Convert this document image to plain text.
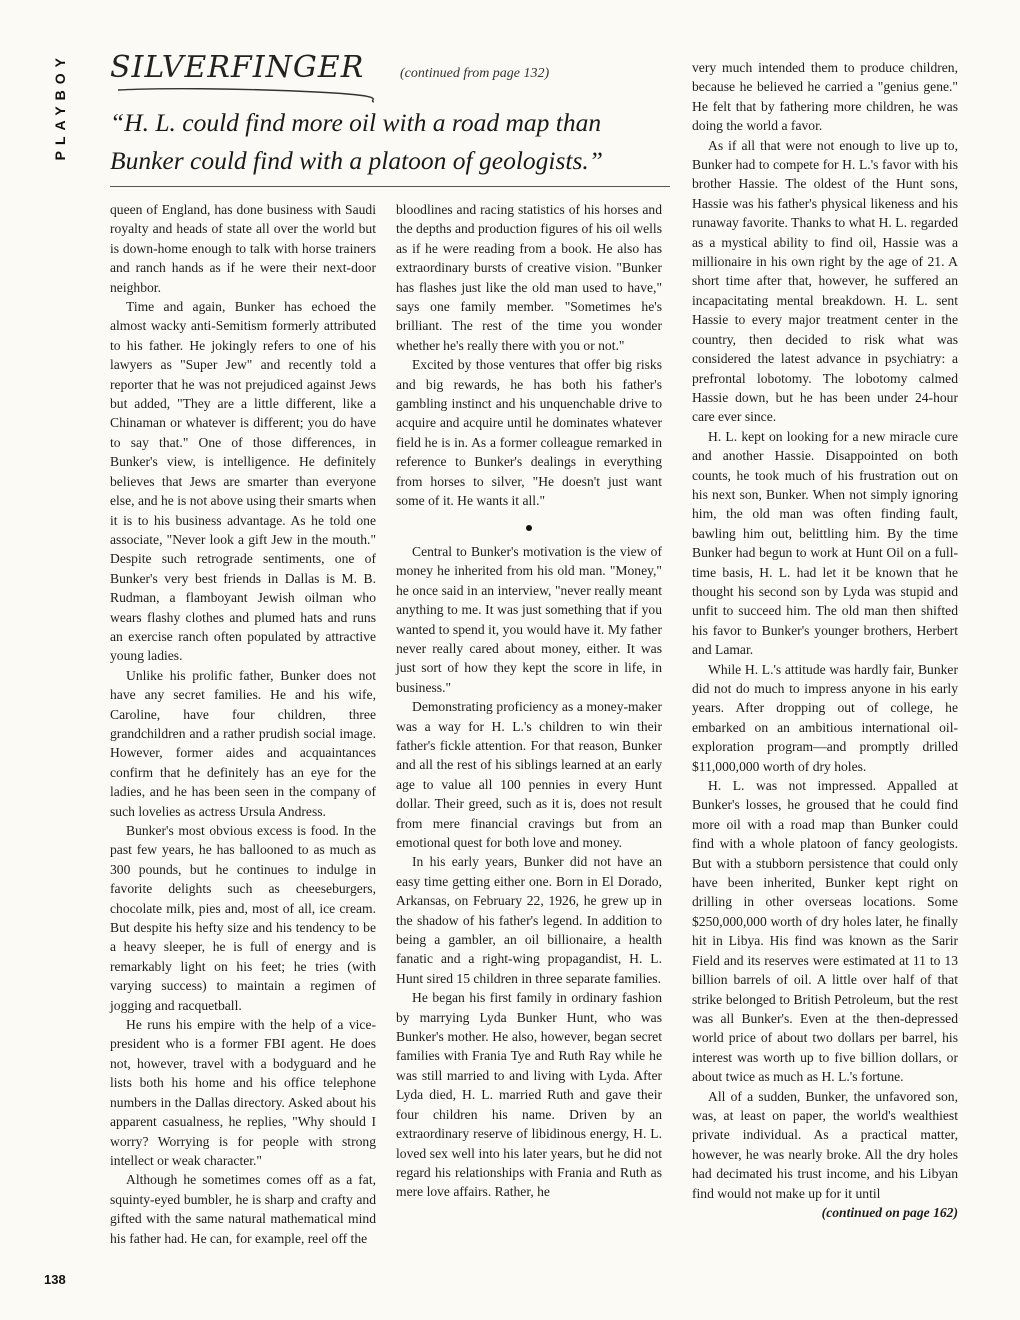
PLAYBOY SILVERFINGER	(continued from page 132)

“H. L. could find more oil with a road map than Bunker could find with a platoon of geologists.”

queen of England, has done business with Saudi royalty and heads of state all over the world but is down-home enough to talk with horse trainers and ranch hands as if he were their next-door neighbor.

Time and again, Bunker has echoed the almost wacky anti-Semitism formerly attributed to his father. He jokingly refers to one of his lawyers as "Super Jew" and recently told a reporter that he was not prejudiced against Jews but added, "They are a little different, like a Chinaman or whatever is different; you do have to say that." One of those differences, in Bunker's view, is intelligence. He definitely believes that Jews are smarter than everyone else, and he is not above using their smarts when it is to his business advantage. As he told one associate, "Never look a gift Jew in the mouth." Despite such retrograde sentiments, one of Bunker's very best friends in Dallas is M. B. Rudman, a flamboyant Jewish oilman who wears flashy clothes and plumed hats and runs an exercise ranch often populated by attractive young ladies.

Unlike his prolific father, Bunker does not have any secret families. He and his wife, Caroline, have four children, three grandchildren and a rather prudish social image. However, former aides and acquaintances confirm that he definitely has an eye for the ladies, and he has been seen in the company of such lovelies as actress Ursula Andress.

Bunker's most obvious excess is food. In the past few years, he has ballooned to as much as 300 pounds, but he continues to indulge in favorite delights such as cheeseburgers, chocolate milk, pies and, most of all, ice cream. But despite his hefty size and his tendency to be a heavy sleeper, he is full of energy and is remarkably light on his feet; he tries (with varying success) to maintain a regimen of jogging and racquetball.

He runs his empire with the help of a vice-president who is a former FBI agent. He does not, however, travel with a bodyguard and he lists both his home and his office telephone numbers in the Dallas directory. Asked about his apparent casualness, he replies, "Why should I worry? Worrying is for people with strong intellect or weak character."

Although he sometimes comes off as a fat, squinty-eyed bumbler, he is sharp and crafty and gifted with the same natural mathematical mind his father had. He can, for example, reel off the

bloodlines and racing statistics of his horses and the depths and production figures of his oil wells as if he were reading from a book. He also has extraordinary bursts of creative vision. "Bunker has flashes just like the old man used to have," says one family member. "Sometimes he's brilliant. The rest of the time you wonder whether he's really there with you or not."

Excited by those ventures that offer big risks and big rewards, he has both his father's gambling instinct and his unquenchable drive to acquire and acquire until he dominates whatever field he is in. As a former colleague remarked in reference to Bunker's dealings in everything from horses to silver, "He doesn't just want some of it. He wants it all."

Central to Bunker's motivation is the view of money he inherited from his old man. "Money," he once said in an interview, "never really meant anything to me. It was just something that if you wanted to spend it, you would have it. My father never really cared about money, either. It was just sort of how they kept the score in life, in business."

Demonstrating proficiency as a money-maker was a way for H. L.'s children to win their father's fickle attention. For that reason, Bunker and all the rest of his siblings learned at an early age to value all 100 pennies in every Hunt dollar. Their greed, such as it is, does not result from mere financial cravings but from an emotional quest for both love and money.

In his early years, Bunker did not have an easy time getting either one. Born in El Dorado, Arkansas, on February 22, 1926, he grew up in the shadow of his father's legend. In addition to being a gambler, an oil billionaire, a health fanatic and a right-wing propagandist, H. L. Hunt sired 15 children in three separate families.

He began his first family in ordinary fashion by marrying Lyda Bunker Hunt, who was Bunker's mother. He also, however, began secret families with Frania Tye and Ruth Ray while he was still married to and living with Lyda. After Lyda died, H. L. married Ruth and gave their four children his name. Driven by an extraordinary reserve of libidinous energy, H. L. loved sex well into his later years, but he did not regard his relationships with Frania and Ruth as mere love affairs. Rather, he

very much intended them to produce children, because he believed he carried a "genius gene." He felt that by fathering more children, he was doing the world a favor.

As if all that were not enough to live up to, Bunker had to compete for H. L.'s favor with his brother Hassie. The oldest of the Hunt sons, Hassie was his father's physical likeness and his runaway favorite. Thanks to what H. L. regarded as a mystical ability to find oil, Hassie was a millionaire in his own right by the age of 21. A short time after that, however, he suffered an incapacitating mental breakdown. H. L. sent Hassie to every major treatment center in the country, then decided to risk what was considered the latest advance in psychiatry: a prefrontal lobotomy. The lobotomy calmed Hassie down, but he has been under 24-hour care ever since.

H. L. kept on looking for a new miracle cure and another Hassie. Disappointed on both counts, he took much of his frustration out on his next son, Bunker. When not simply ignoring him, the old man was often finding fault, bawling him out, belittling him. By the time Bunker had begun to work at Hunt Oil on a full-time basis, H. L. had let it be known that he thought his second son by Lyda was stupid and unfit to succeed him. The old man then shifted his favor to Bunker's younger brothers, Herbert and Lamar.

While H. L.'s attitude was hardly fair, Bunker did not do much to impress anyone in his early years. After dropping out of college, he embarked on an ambitious international oil-exploration program—and promptly drilled $11,000,000 worth of dry holes.

H. L. was not impressed. Appalled at Bunker's losses, he groused that he could find more oil with a road map than Bunker could find with a whole platoon of fancy geologists. But with a stubborn persistence that could only have been inherited, Bunker kept right on drilling in other overseas locations. Some $250,000,000 worth of dry holes later, he finally hit in Libya. His find was known as the Sarir Field and its reserves were estimated at 11 to 13 billion barrels of oil. A little over half of that strike belonged to British Petroleum, but the rest was all Bunker's. Even at the then-depressed world price of about two dollars per barrel, his interest was worth up to five billion dollars, or about twice as much as H. L.'s fortune.

All of a sudden, Bunker, the unfavored son, was, at least on paper, the world's wealthiest private individual. As a practical matter, however, he was nearly broke. All the dry holes had decimated his trust income, and his Libyan find would not make up for it until

(continued on page 162)

138
